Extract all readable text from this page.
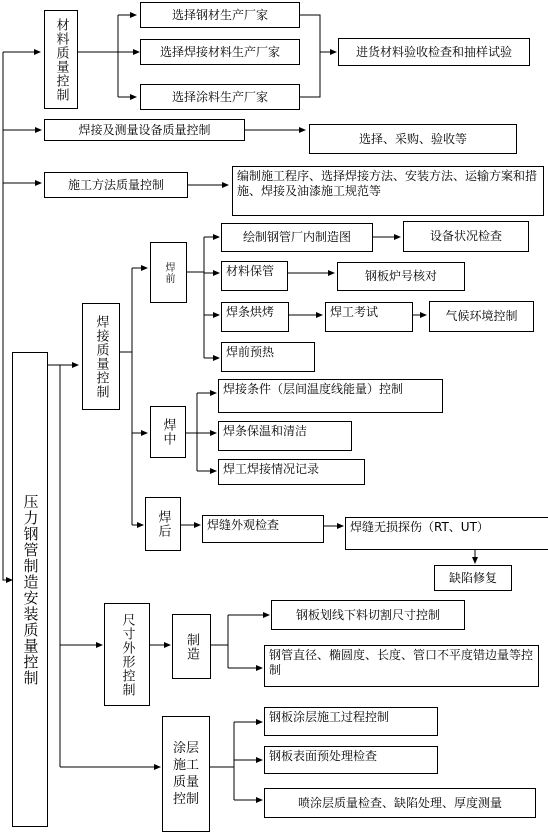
压力钢管制造安装质量控制
材料质量控制
选择钢材生产厂家
选择焊接材料生产厂家
选择涂料生产厂家
进货材料验收检查和抽样试验
焊接及测量设备质量控制
选择、采购、验收等
施工方法质量控制
编制施工程序、选择焊接方法、安装方法、运输方案和措施、焊接及油漆施工规范等
焊接质量控制
焊前
绘制钢管厂内制造图	设备状况检查
材料保管	钢板炉号核对
焊条烘烤	焊工考试	气候环境控制
焊前预热
焊中
焊接条件（层间温度线能量）控制
焊条保温和清洁
焊工焊接情况记录
焊后	焊缝外观检查	焊缝无损探伤（RT、UT）
缺陷修复
尺寸外形控制	制造
钢板划线下料切割尺寸控制
钢管直径、椭圆度、长度、管口不平度错边量等控制
涂层施工质量控制
钢板涂层施工过程控制
钢板表面预处理检查
喷涂层质量检查、缺陷处理、厚度测量
